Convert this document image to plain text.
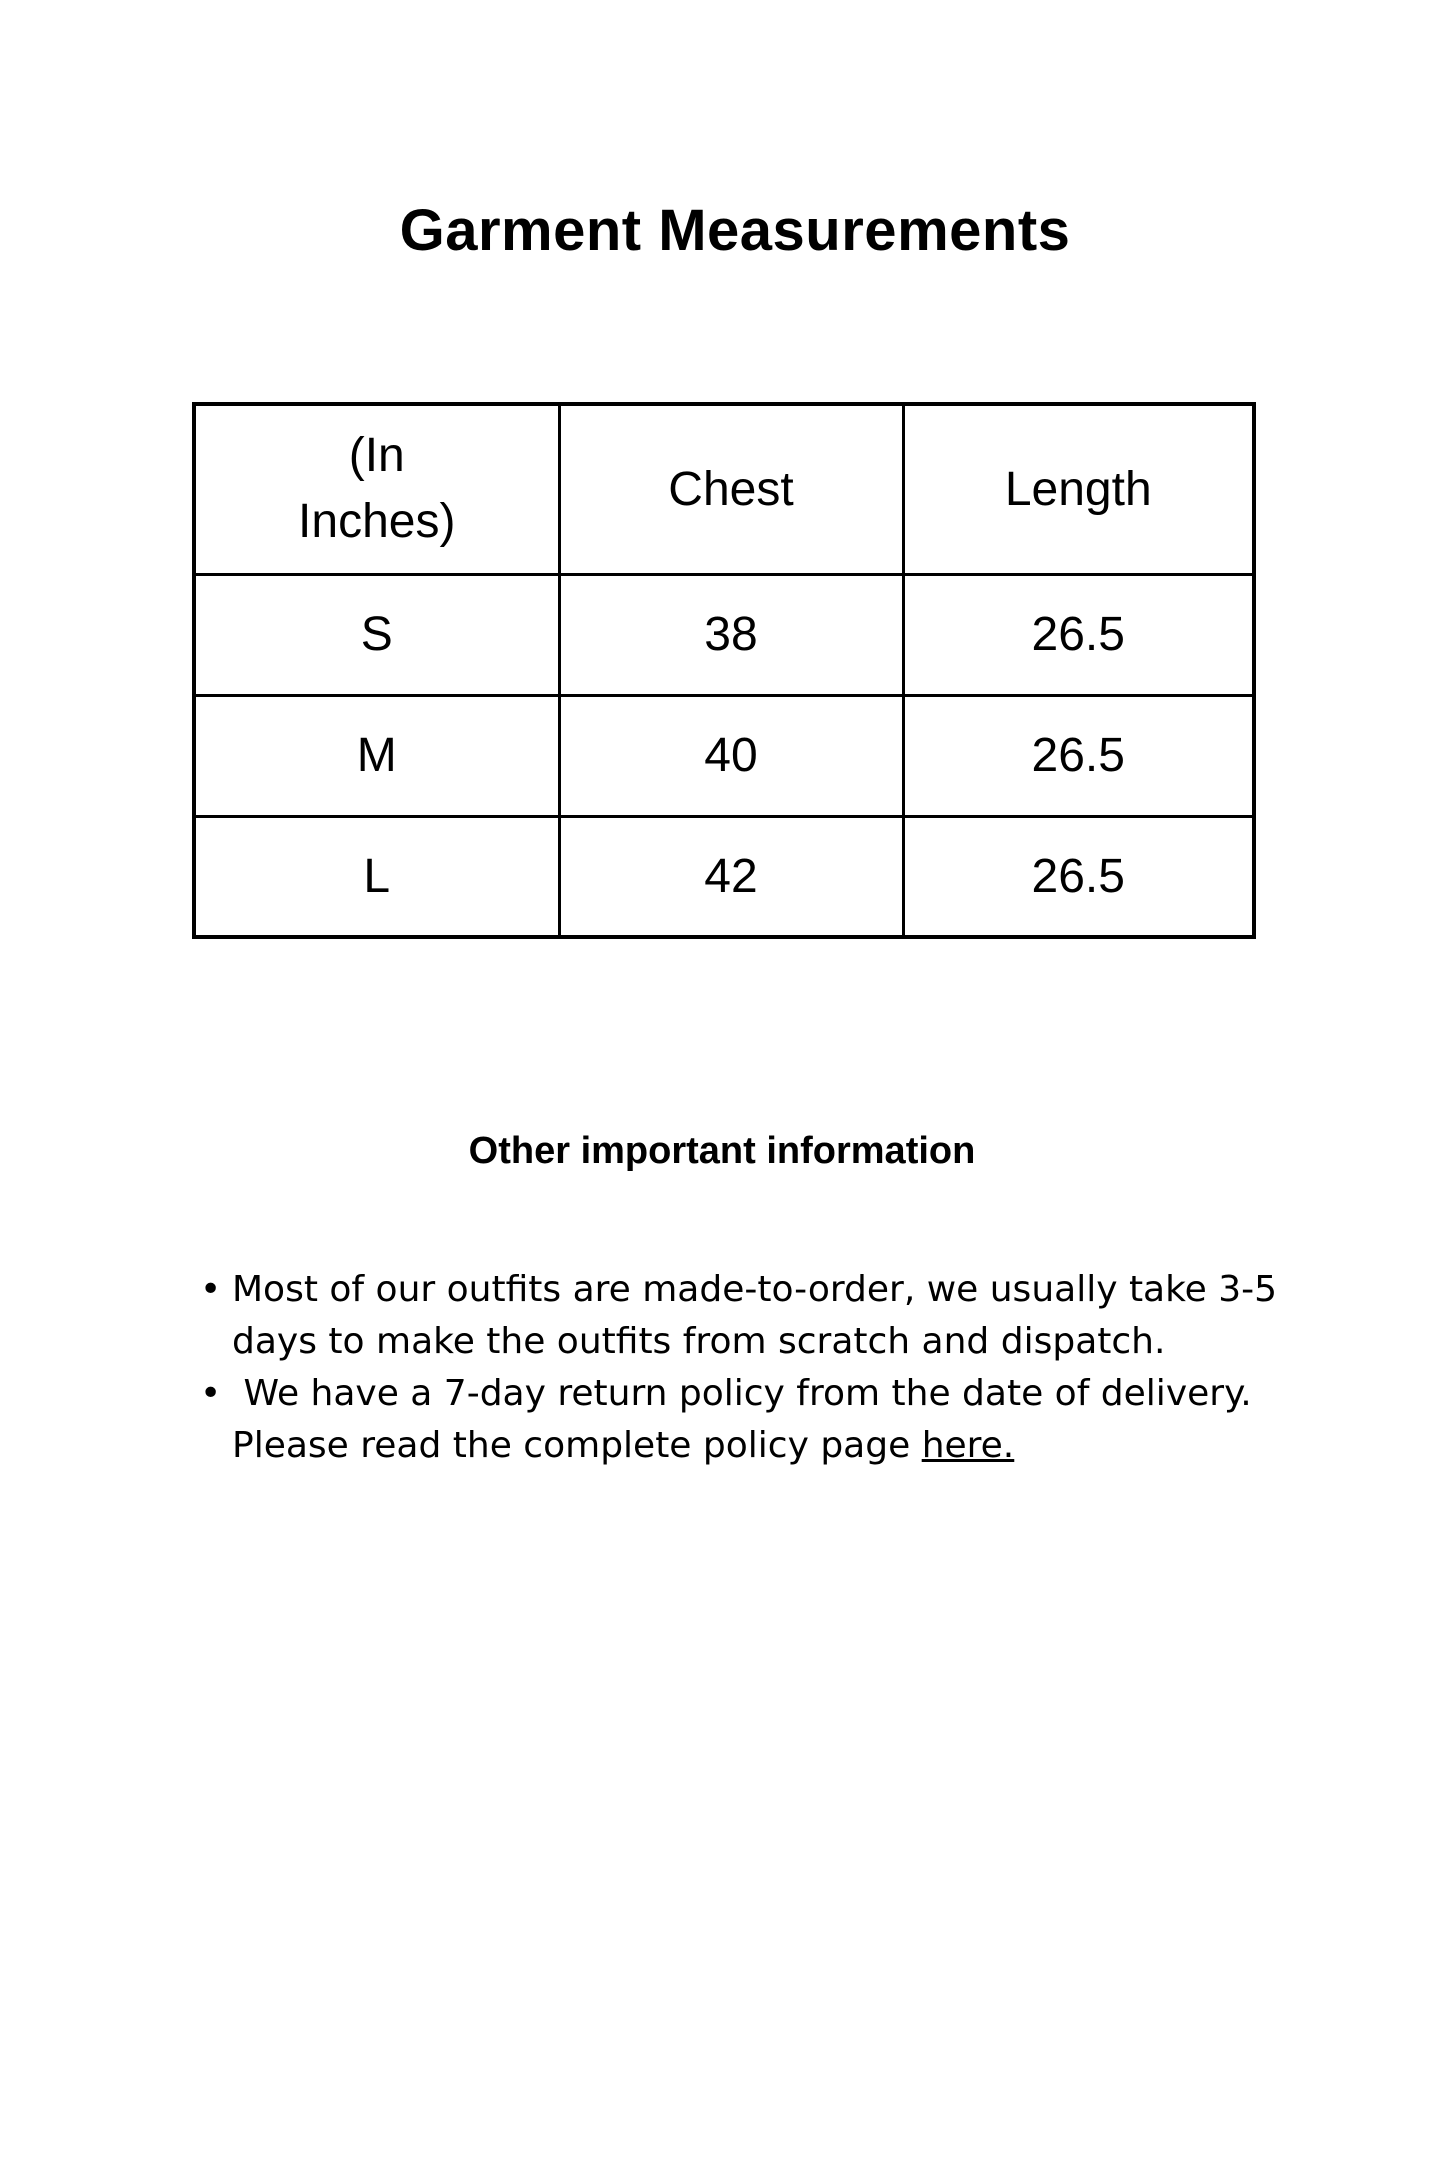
Garment Measurements
(In Inches)	Chest	Length
S	38	26.5
M	40	26.5
L	42	26.5
Other important information
• Most of our outfits are made-to-order, we usually take 3-5 days to make the outfits from scratch and dispatch.
• We have a 7-day return policy from the date of delivery. Please read the complete policy page here.
